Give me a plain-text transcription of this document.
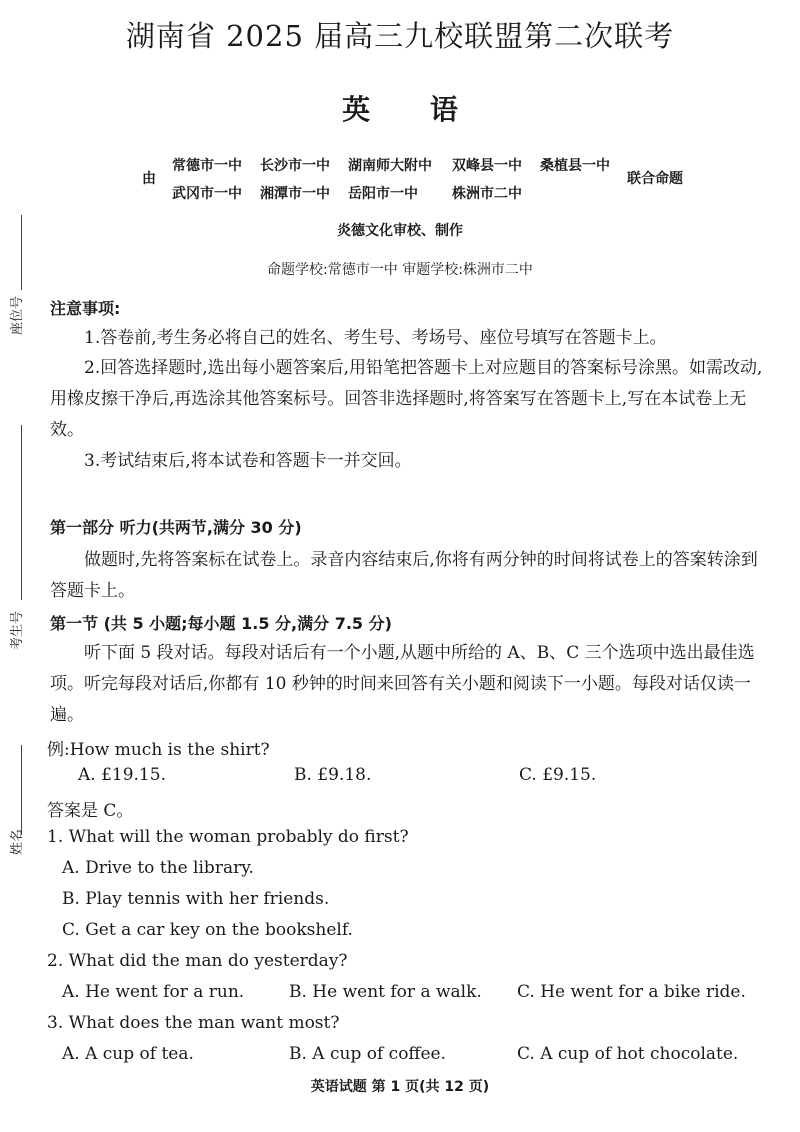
座位号
考生号
姓名
湖南省 2025 届高三九校联盟第二次联考
英 语
由
常德市一中 长沙市一中 湖南师大附中 双峰县一中 桑植县一中
武冈市一中 湘潭市一中 岳阳市一中 株洲市二中
联合命题
炎德文化审校、制作
命题学校:常德市一中 审题学校:株洲市二中
注意事项:
1.答卷前,考生务必将自己的姓名、考生号、考场号、座位号填写在答题卡上。
2.回答选择题时,选出每小题答案后,用铅笔把答题卡上对应题目的答案标号涂黑。如需改动,用橡皮擦干净后,再选涂其他答案标号。回答非选择题时,将答案写在答题卡上,写在本试卷上无效。
3.考试结束后,将本试卷和答题卡一并交回。
第一部分 听力(共两节,满分 30 分)
做题时,先将答案标在试卷上。录音内容结束后,你将有两分钟的时间将试卷上的答案转涂到答题卡上。
第一节 (共 5 小题;每小题 1.5 分,满分 7.5 分)
听下面 5 段对话。每段对话后有一个小题,从题中所给的 A、B、C 三个选项中选出最佳选项。听完每段对话后,你都有 10 秒钟的时间来回答有关小题和阅读下一小题。每段对话仅读一遍。
例:How much is the shirt?
A. £19.15.	B. £9.18.	C. £9.15.
答案是 C。
1. What will the woman probably do first?
A. Drive to the library.
B. Play tennis with her friends.
C. Get a car key on the bookshelf.
2. What did the man do yesterday?
A. He went for a run.	B. He went for a walk. C. He went for a bike ride.
3. What does the man want most?
A. A cup of tea.	B. A cup of coffee.	C. A cup of hot chocolate.
英语试题 第 1 页(共 12 页)
